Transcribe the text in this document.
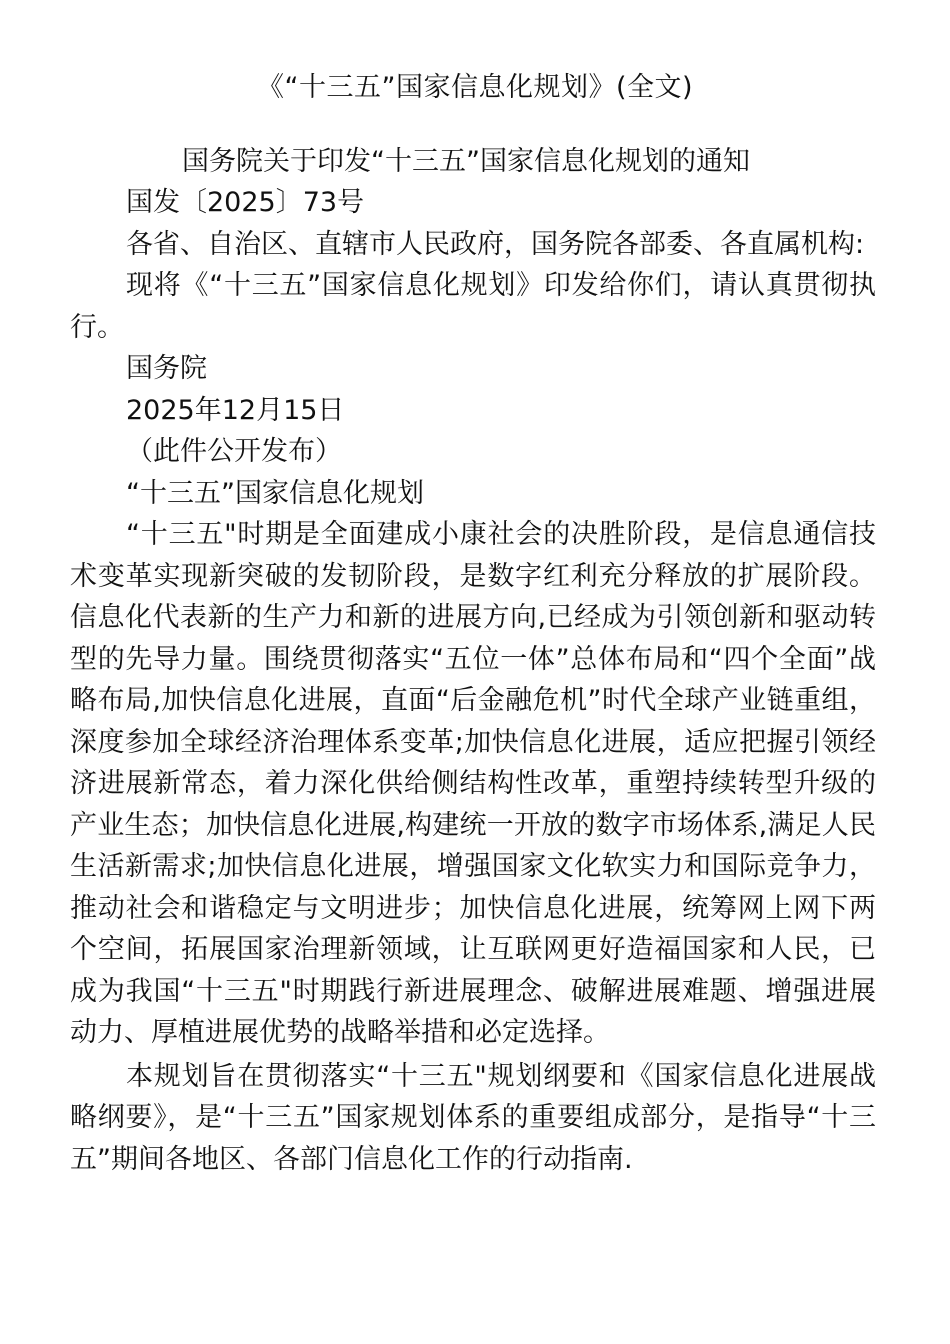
《“十三五”国家信息化规划》(全文)
国务院关于印发“十三五”国家信息化规划的通知

国发〔2025〕73号

各省、自治区、直辖市人民政府，国务院各部委、各直属机构:

现将《“十三五”国家信息化规划》印发给你们，请认真贯彻执行。

国务院

2025年12月15日

（此件公开发布）

“十三五”国家信息化规划

“十三五"时期是全面建成小康社会的决胜阶段，是信息通信技术变革实现新突破的发韧阶段，是数字红利充分释放的扩展阶段。信息化代表新的生产力和新的进展方向,已经成为引领创新和驱动转型的先导力量。围绕贯彻落实“五位一体”总体布局和“四个全面”战略布局,加快信息化进展，直面“后金融危机”时代全球产业链重组，深度参加全球经济治理体系变革;加快信息化进展，适应把握引领经济进展新常态，着力深化供给侧结构性改革，重塑持续转型升级的产业生态；加快信息化进展,构建统一开放的数字市场体系,满足人民生活新需求;加快信息化进展，增强国家文化软实力和国际竞争力，推动社会和谐稳定与文明进步；加快信息化进展，统筹网上网下两个空间，拓展国家治理新领域，让互联网更好造福国家和人民，已成为我国“十三五"时期践行新进展理念、破解进展难题、增强进展动力、厚植进展优势的战略举措和必定选择。

本规划旨在贯彻落实“十三五"规划纲要和《国家信息化进展战略纲要》，是“十三五”国家规划体系的重要组成部分，是指导“十三五”期间各地区、各部门信息化工作的行动指南.
